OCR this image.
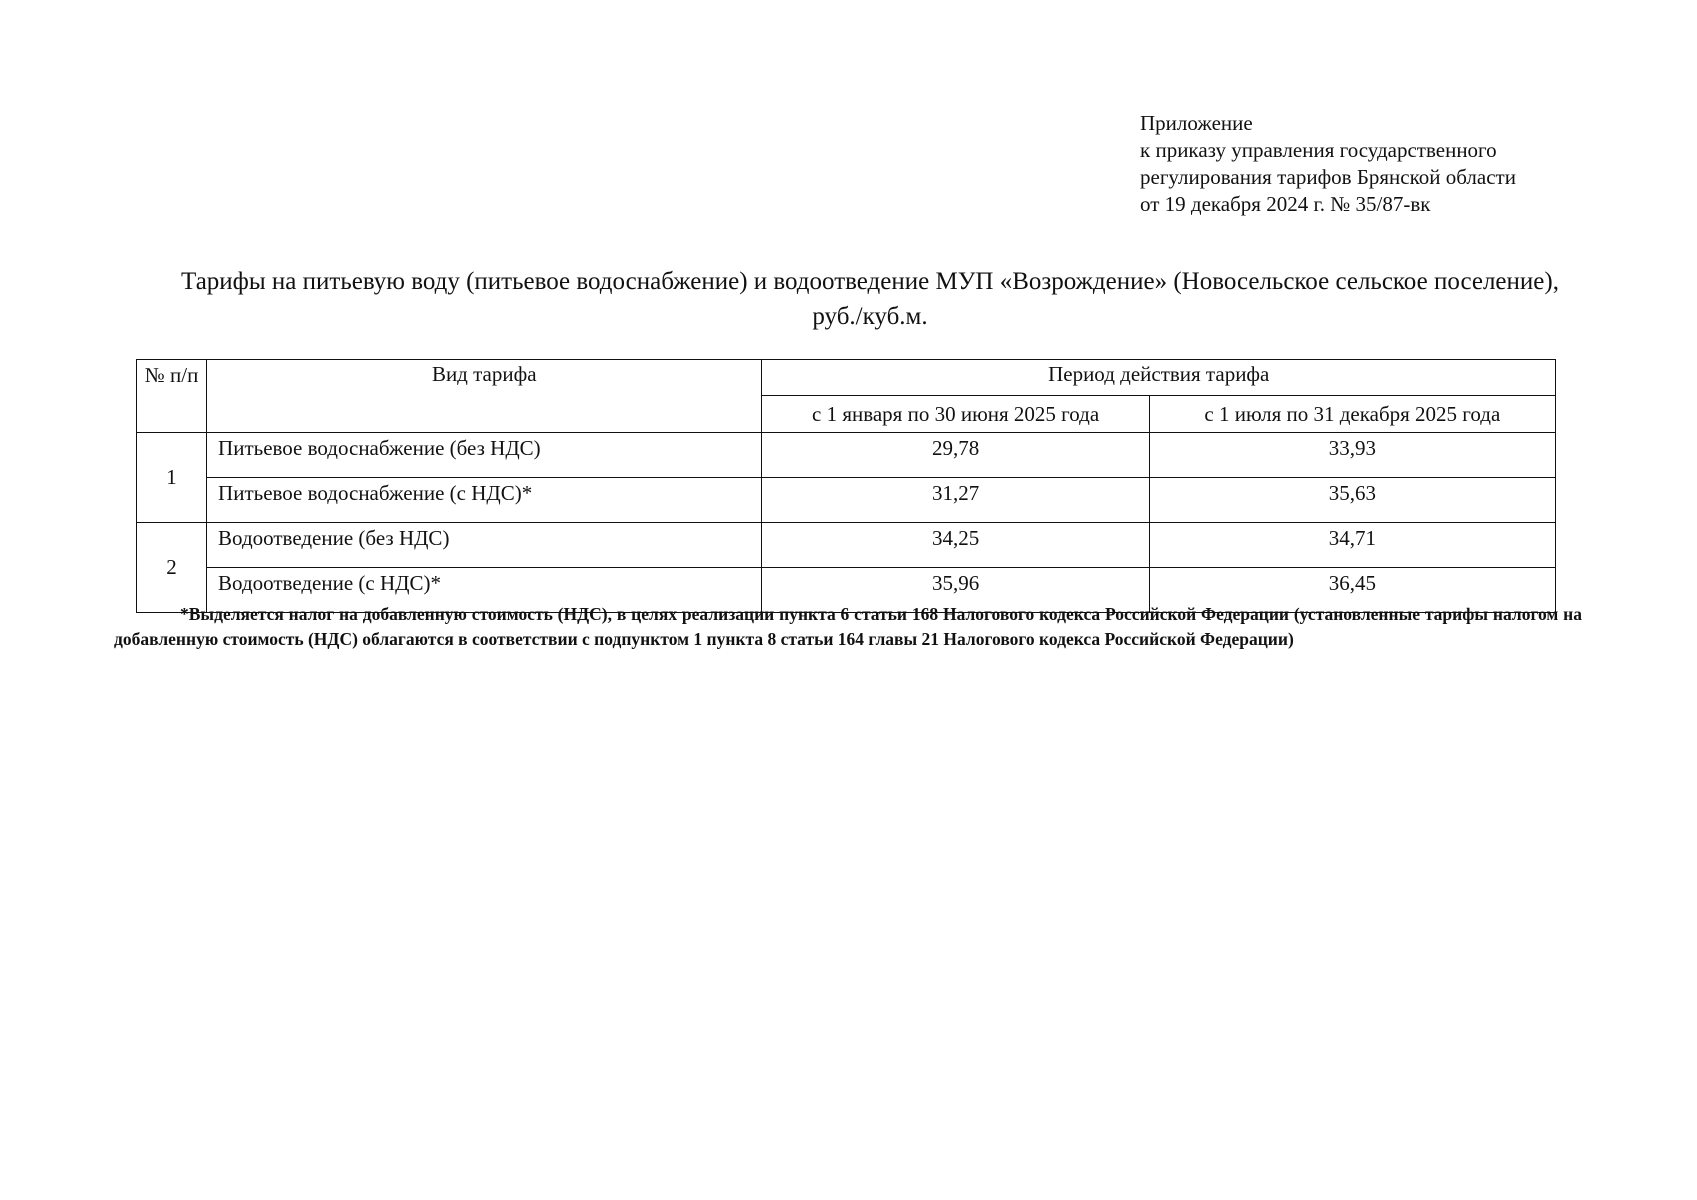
Приложение
к приказу управления государственного
регулирования тарифов Брянской области
от 19 декабря 2024 г. № 35/87-вк
Тарифы на питьевую воду (питьевое водоснабжение) и водоотведение МУП «Возрождение» (Новосельское сельское поселение), руб./куб.м.
№ п/п	Вид тарифа	Период действия тарифа	
		с 1 января по 30 июня 2025 года	с 1 июля по 31 декабря 2025 года
1	Питьевое водоснабжение (без НДС)	29,78	33,93
	Питьевое водоснабжение (с НДС)*	31,27	35,63
2	Водоотведение (без НДС)	34,25	34,71
	Водоотведение (с НДС)*	35,96	36,45
*Выделяется налог на добавленную стоимость (НДС), в целях реализации пункта 6 статьи 168 Налогового кодекса Российской Федерации (установленные тарифы налогом на добавленную стоимость (НДС) облагаются в соответствии с подпунктом 1 пункта 8 статьи 164 главы 21 Налогового кодекса Российской Федерации)
